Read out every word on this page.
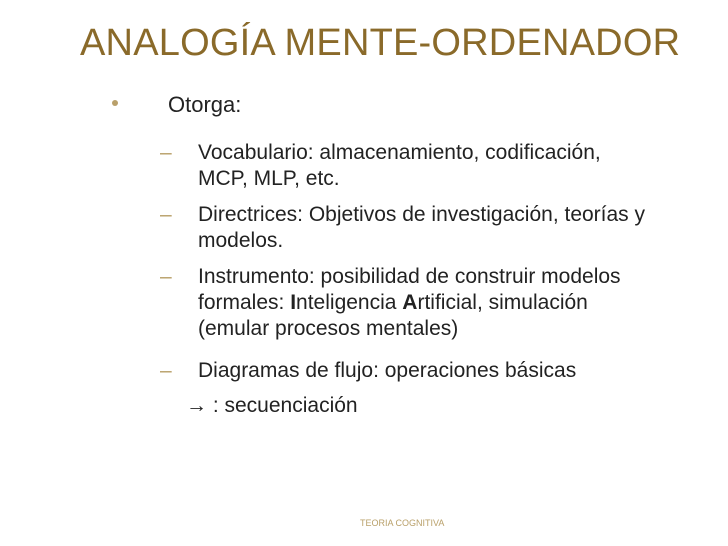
ANALOGÍA MENTE-ORDENADOR
Otorga:
– Vocabulario: almacenamiento, codificación,
MCP, MLP, etc.
– Directrices: Objetivos de investigación, teorías y
modelos.
– Instrumento: posibilidad de construir modelos
formales: Inteligencia Artificial, simulación
(emular procesos mentales)
– Diagramas de flujo: operaciones básicas
→ : secuenciación
TEORIA COGNITIVA
